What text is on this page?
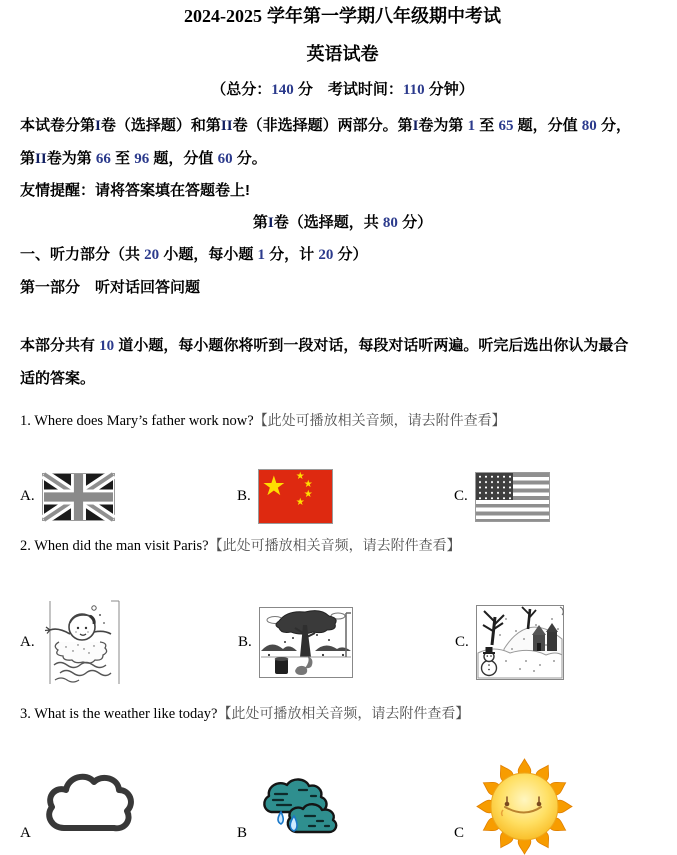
2024-2025 学年第一学期八年级期中考试
英语试卷
（总分：140 分　考试时间：110 分钟）
本试卷分第I卷（选择题）和第II卷（非选择题）两部分。第I卷为第 1 至 65 题，分值 80 分，
第II卷为第 66 至 96 题，分值 60 分。
友情提醒：请将答案填在答题卷上!
第I卷（选择题，共 80 分）
一、听力部分（共 20 小题，每小题 1 分，计 20 分）
第一部分　听对话回答问题
本部分共有 10 道小题，每小题你将听到一段对话，每段对话听两遍。听完后选出你认为最合
适的答案。
1. Where does Mary’s father work now?【此处可播放相关音频，请去附件查看】
A.	B. ★
★
★ ★ ★	C.
2. When did the man visit Paris?【此处可播放相关音频，请去附件查看】
A.	B.	C.
3. What is the weather like today?【此处可播放相关音频，请去附件查看】
A	B	C
